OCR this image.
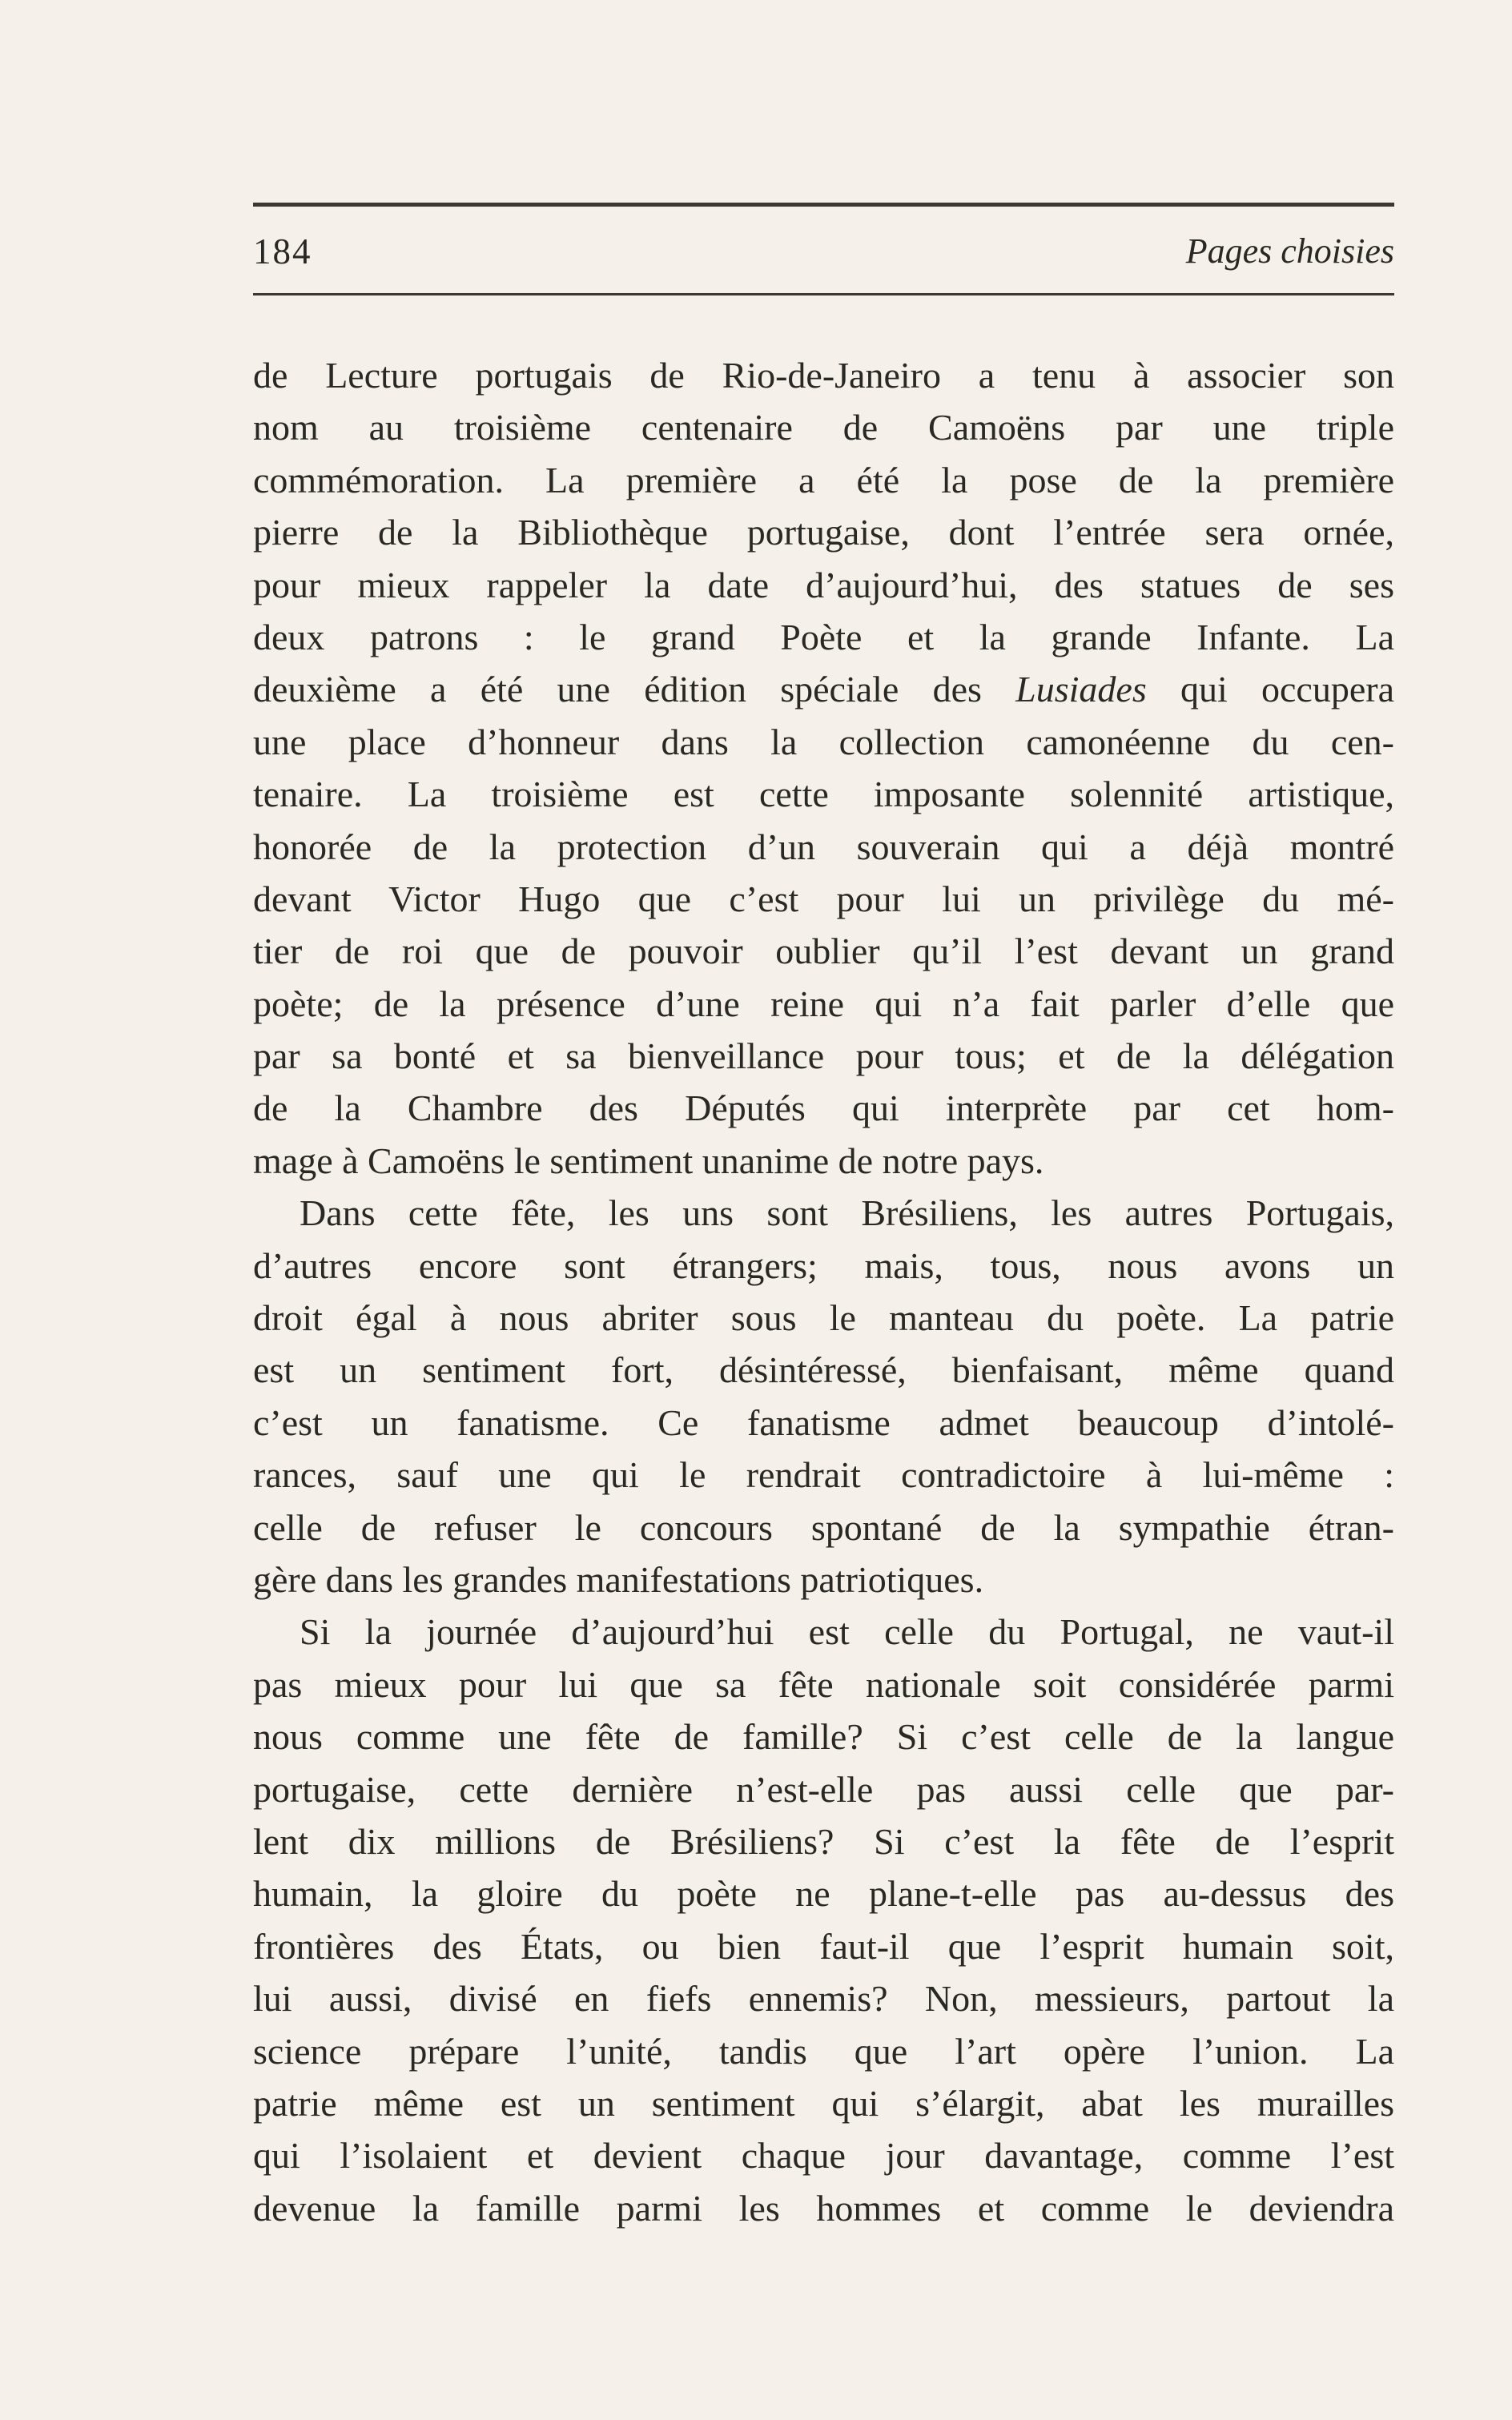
184	Pages choisies
de Lecture portugais de Rio-de-Janeiro a tenu à associer son
nom au troisième centenaire de Camoëns par une triple
commémoration. La première a été la pose de la première
pierre de la Bibliothèque portugaise, dont l’entrée sera ornée,
pour mieux rappeler la date d’aujourd’hui, des statues de ses
deux patrons : le grand Poète et la grande Infante. La
deuxième a été une édition spéciale des Lusiades qui occupera
une place d’honneur dans la collection camonéenne du cen-
tenaire. La troisième est cette imposante solennité artistique,
honorée de la protection d’un souverain qui a déjà montré
devant Victor Hugo que c’est pour lui un privilège du mé-
tier de roi que de pouvoir oublier qu’il l’est devant un grand
poète; de la présence d’une reine qui n’a fait parler d’elle que
par sa bonté et sa bienveillance pour tous; et de la délégation
de la Chambre des Députés qui interprète par cet hom-
mage à Camoëns le sentiment unanime de notre pays.
Dans cette fête, les uns sont Brésiliens, les autres Portugais,
d’autres encore sont étrangers; mais, tous, nous avons un
droit égal à nous abriter sous le manteau du poète. La patrie
est un sentiment fort, désintéressé, bienfaisant, même quand
c’est un fanatisme. Ce fanatisme admet beaucoup d’intolé-
rances, sauf une qui le rendrait contradictoire à lui-même :
celle de refuser le concours spontané de la sympathie étran-
gère dans les grandes manifestations patriotiques.
Si la journée d’aujourd’hui est celle du Portugal, ne vaut-il
pas mieux pour lui que sa fête nationale soit considérée parmi
nous comme une fête de famille? Si c’est celle de la langue
portugaise, cette dernière n’est-elle pas aussi celle que par-
lent dix millions de Brésiliens? Si c’est la fête de l’esprit
humain, la gloire du poète ne plane-t-elle pas au-dessus des
frontières des États, ou bien faut-il que l’esprit humain soit,
lui aussi, divisé en fiefs ennemis? Non, messieurs, partout la
science prépare l’unité, tandis que l’art opère l’union. La
patrie même est un sentiment qui s’élargit, abat les murailles
qui l’isolaient et devient chaque jour davantage, comme l’est
devenue la famille parmi les hommes et comme le deviendra
